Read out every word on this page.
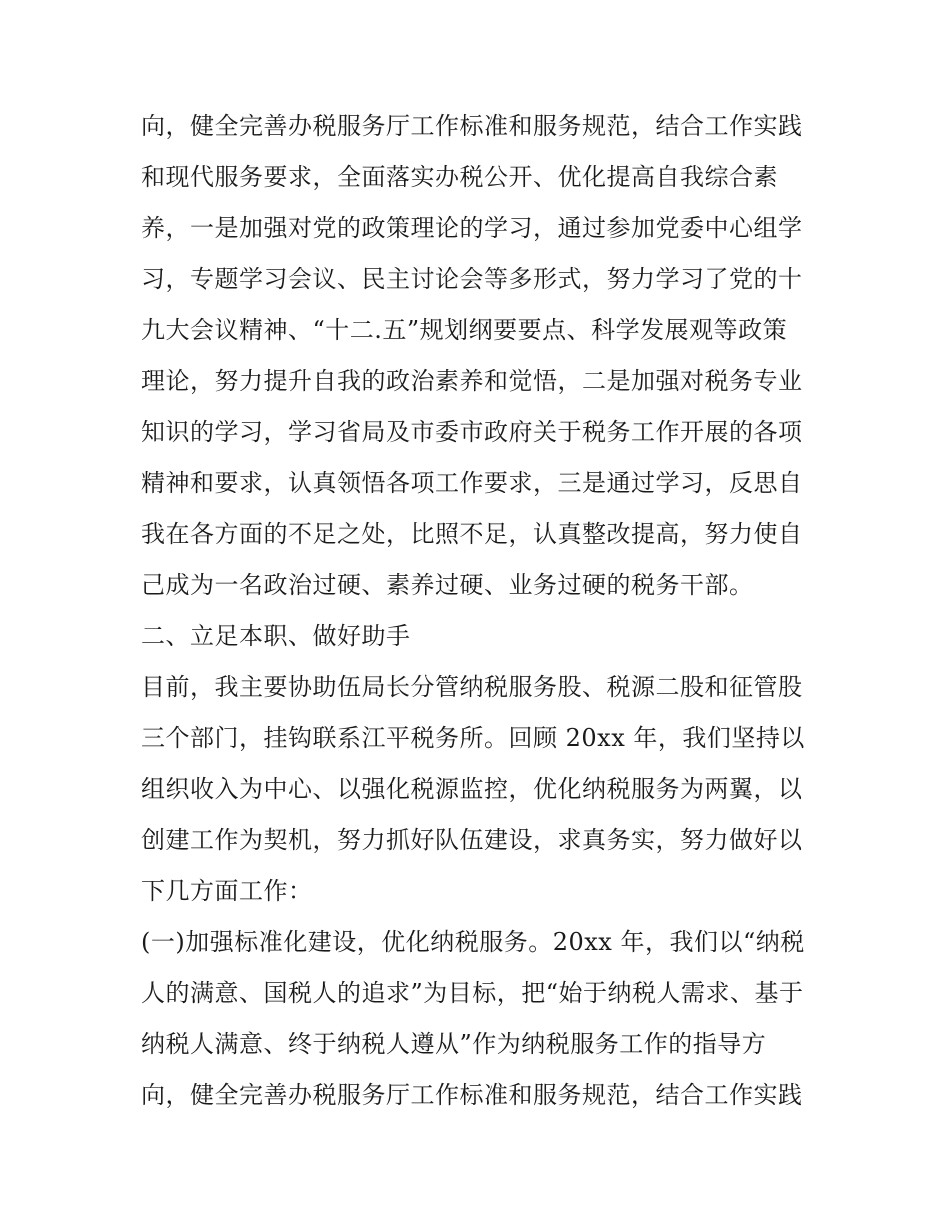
向，健全完善办税服务厅工作标准和服务规范，结合工作实践
和现代服务要求，全面落实办税公开、优化提高自我综合素
养，一是加强对党的政策理论的学习，通过参加党委中心组学
习，专题学习会议、民主讨论会等多形式，努力学习了党的十
九大会议精神、“十二.五”规划纲要要点、科学发展观等政策
理论，努力提升自我的政治素养和觉悟，二是加强对税务专业
知识的学习，学习省局及市委市政府关于税务工作开展的各项
精神和要求，认真领悟各项工作要求，三是通过学习，反思自
我在各方面的不足之处，比照不足，认真整改提高，努力使自
己成为一名政治过硬、素养过硬、业务过硬的税务干部。
二、立足本职、做好助手
目前，我主要协助伍局长分管纳税服务股、税源二股和征管股
三个部门，挂钩联系江平税务所。回顾 20xx 年，我们坚持以
组织收入为中心、以强化税源监控，优化纳税服务为两翼，以
创建工作为契机，努力抓好队伍建设，求真务实，努力做好以
下几方面工作：
(一)加强标准化建设，优化纳税服务。20xx 年，我们以“纳税
人的满意、国税人的追求”为目标，把“始于纳税人需求、基于
纳税人满意、终于纳税人遵从”作为纳税服务工作的指导方
向，健全完善办税服务厅工作标准和服务规范，结合工作实践
